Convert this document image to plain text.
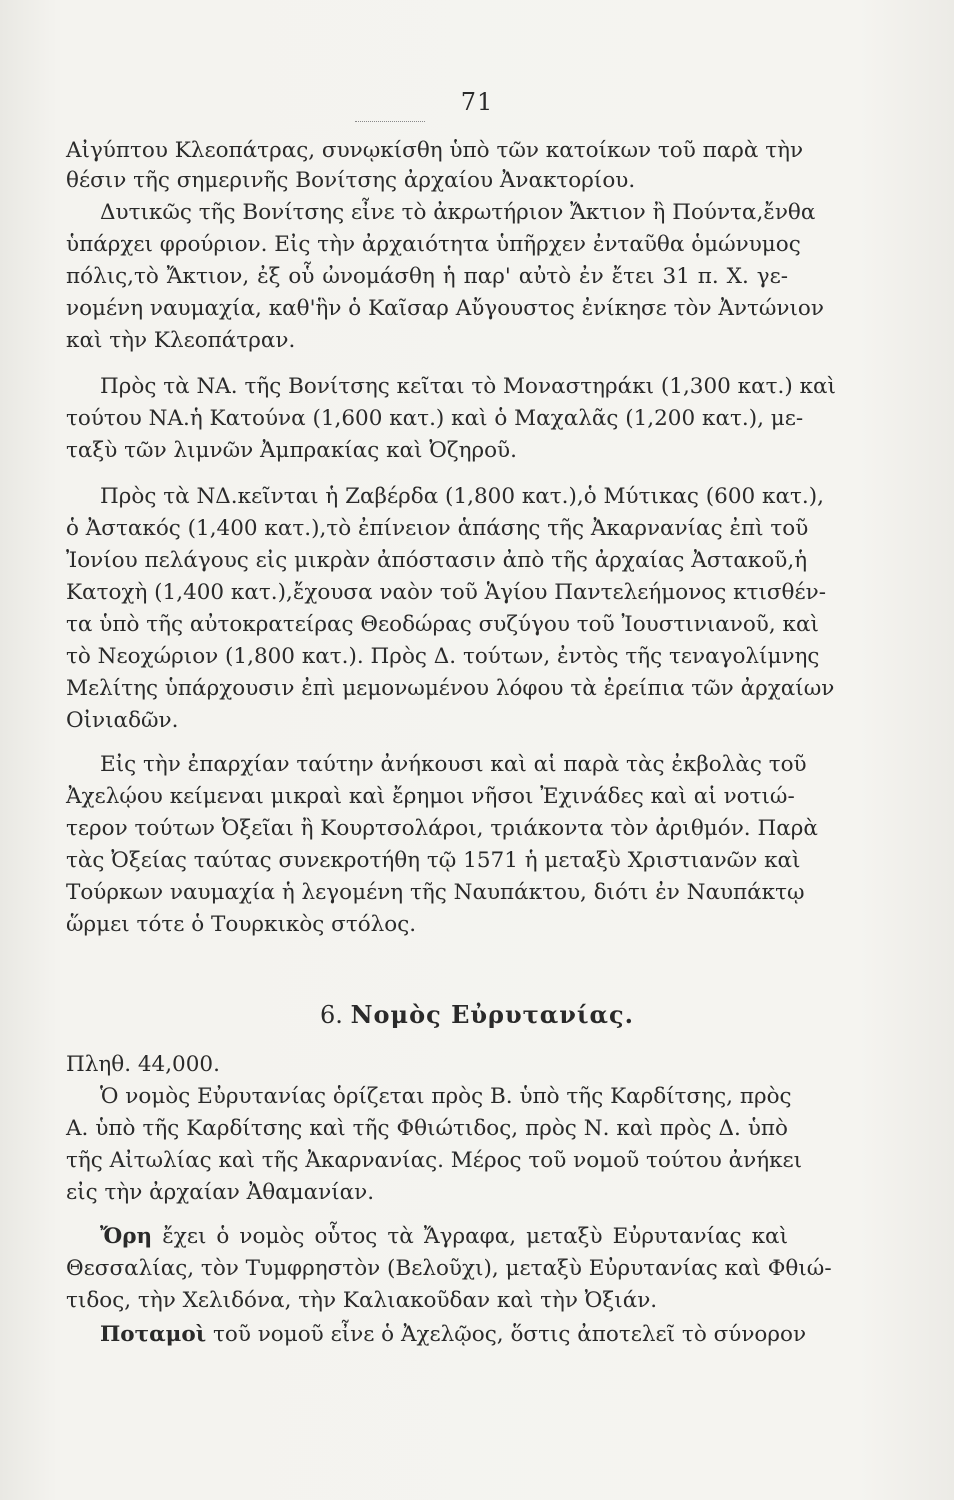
71
Αἰγύπτου Κλεοπάτρας, συνῳκίσθη ὑπὸ τῶν κατοίκων τοῦ παρὰ τὴν
θέσιν τῆς σημερινῆς Βονίτσης ἀρχαίου Ἀνακτορίου.
Δυτικῶς τῆς Βονίτσης εἶνε τὸ ἀκρωτήριον Ἄκτιον ἢ Πούντα,ἔνθα
ὑπάρχει φρούριον. Εἰς τὴν ἀρχαιότητα ὑπῆρχεν ἐνταῦθα ὁμώνυμος
πόλις,τὸ Ἄκτιον, ἐξ οὗ ὠνομάσθη ἡ παρ' αὐτὸ ἐν ἔτει 31 π. Χ. γε-
νομένη ναυμαχία, καθ'ἣν ὁ Καῖσαρ Αὔγουστος ἐνίκησε τὸν Ἀντώνιον
καὶ τὴν Κλεοπάτραν.
Πρὸς τὰ ΝΑ. τῆς Βονίτσης κεῖται τὸ Μοναστηράκι (1,300 κατ.) καὶ
τούτου ΝΑ.ἡ Κατούνα (1,600 κατ.) καὶ ὁ Μαχαλᾶς (1,200 κατ.), με-
ταξὺ τῶν λιμνῶν Ἀμπρακίας καὶ Ὀζηροῦ.
Πρὸς τὰ ΝΔ.κεῖνται ἡ Ζαβέρδα (1,800 κατ.),ὁ Μύτικας (600 κατ.),
ὁ Ἀστακός (1,400 κατ.),τὸ ἐπίνειον ἁπάσης τῆς Ἀκαρνανίας ἐπὶ τοῦ
Ἰονίου πελάγους εἰς μικρὰν ἀπόστασιν ἀπὸ τῆς ἀρχαίας Ἀστακοῦ,ἡ
Κατοχὴ (1,400 κατ.),ἔχουσα ναὸν τοῦ Ἁγίου Παντελεήμονος κτισθέν-
τα ὑπὸ τῆς αὐτοκρατείρας Θεοδώρας συζύγου τοῦ Ἰουστινιανοῦ, καὶ
τὸ Νεοχώριον (1,800 κατ.). Πρὸς Δ. τούτων, ἐντὸς τῆς τεναγολίμνης
Μελίτης ὑπάρχουσιν ἐπὶ μεμονωμένου λόφου τὰ ἐρείπια τῶν ἀρχαίων
Οἰνιαδῶν.
Εἰς τὴν ἐπαρχίαν ταύτην ἀνήκουσι καὶ αἱ παρὰ τὰς ἐκβολὰς τοῦ
Ἀχελῴου κείμεναι μικραὶ καὶ ἔρημοι νῆσοι Ἐχινάδες καὶ αἱ νοτιώ-
τερον τούτων Ὀξεῖαι ἢ Κουρτσολάροι, τριάκοντα τὸν ἀριθμόν. Παρὰ
τὰς Ὀξείας ταύτας συνεκροτήθη τῷ 1571 ἡ μεταξὺ Χριστιανῶν καὶ
Τούρκων ναυμαχία ἡ λεγομένη τῆς Ναυπάκτου, διότι ἐν Ναυπάκτῳ
ὥρμει τότε ὁ Τουρκικὸς στόλος.
6. Νομὸς Εὐρυτανίας.
Πληθ. 44,000.
Ὁ νομὸς Εὐρυτανίας ὁρίζεται πρὸς Β. ὑπὸ τῆς Καρδίτσης, πρὸς
Α. ὑπὸ τῆς Καρδίτσης καὶ τῆς Φθιώτιδος, πρὸς Ν. καὶ πρὸς Δ. ὑπὸ
τῆς Αἰτωλίας καὶ τῆς Ἀκαρνανίας. Μέρος τοῦ νομοῦ τούτου ἀνήκει
εἰς τὴν ἀρχαίαν Ἀθαμανίαν.
Ὄρη ἔχει ὁ νομὸς οὗτος τὰ Ἄγραφα, μεταξὺ Εὐρυτανίας καὶ
Θεσσαλίας, τὸν Τυμφρηστὸν (Βελοῦχι), μεταξὺ Εὐρυτανίας καὶ Φθιώ-
τιδος, τὴν Χελιδόνα, τὴν Καλιακοῦδαν καὶ τὴν Ὀξιάν.
Ποταμοὶ τοῦ νομοῦ εἶνε ὁ Ἀχελῷος, ὅστις ἀποτελεῖ τὸ σύνορον
